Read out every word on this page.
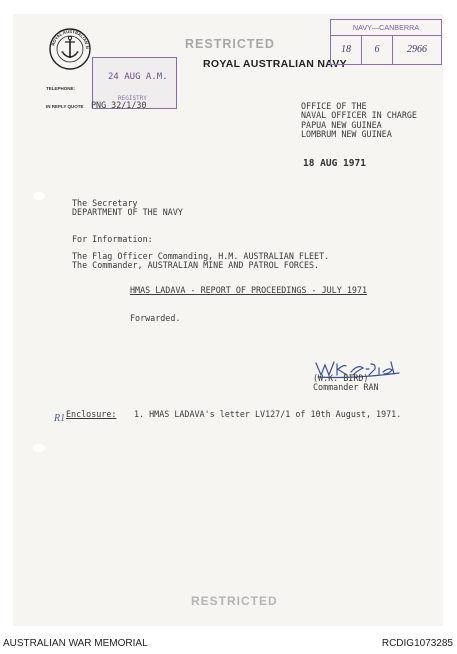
ROYAL AUSTRALIAN N	RESTRICTED
ROYAL AUSTRALIAN NAVY
TELEPHONE:
IN REPLY QUOTE
24 AUG A.M.
REGISTRY
PNG 32/1/30
NAVY—CANBERRA
18	6	2966
OFFICE OF THE
NAVAL OFFICER IN CHARGE
PAPUA NEW GUINEA
LOMBRUM NEW GUINEA
18 AUG 1971
The Secretary
DEPARTMENT OF THE NAVY
For Information:
The Flag Officer Commanding, H.M. AUSTRALIAN FLEET.
The Commander, AUSTRALIAN MINE AND PATROL FORCES.
HMAS LADAVA - REPORT OF PROCEEDINGS - JULY 1971
Forwarded.
(W.K. BIRD)
Commander RAN
R1 Enclosure: 1. HMAS LADAVA's letter LV127/1 of 10th August, 1971.
RESTRICTED
AUSTRALIAN WAR MEMORIAL	RCDIG1073285
